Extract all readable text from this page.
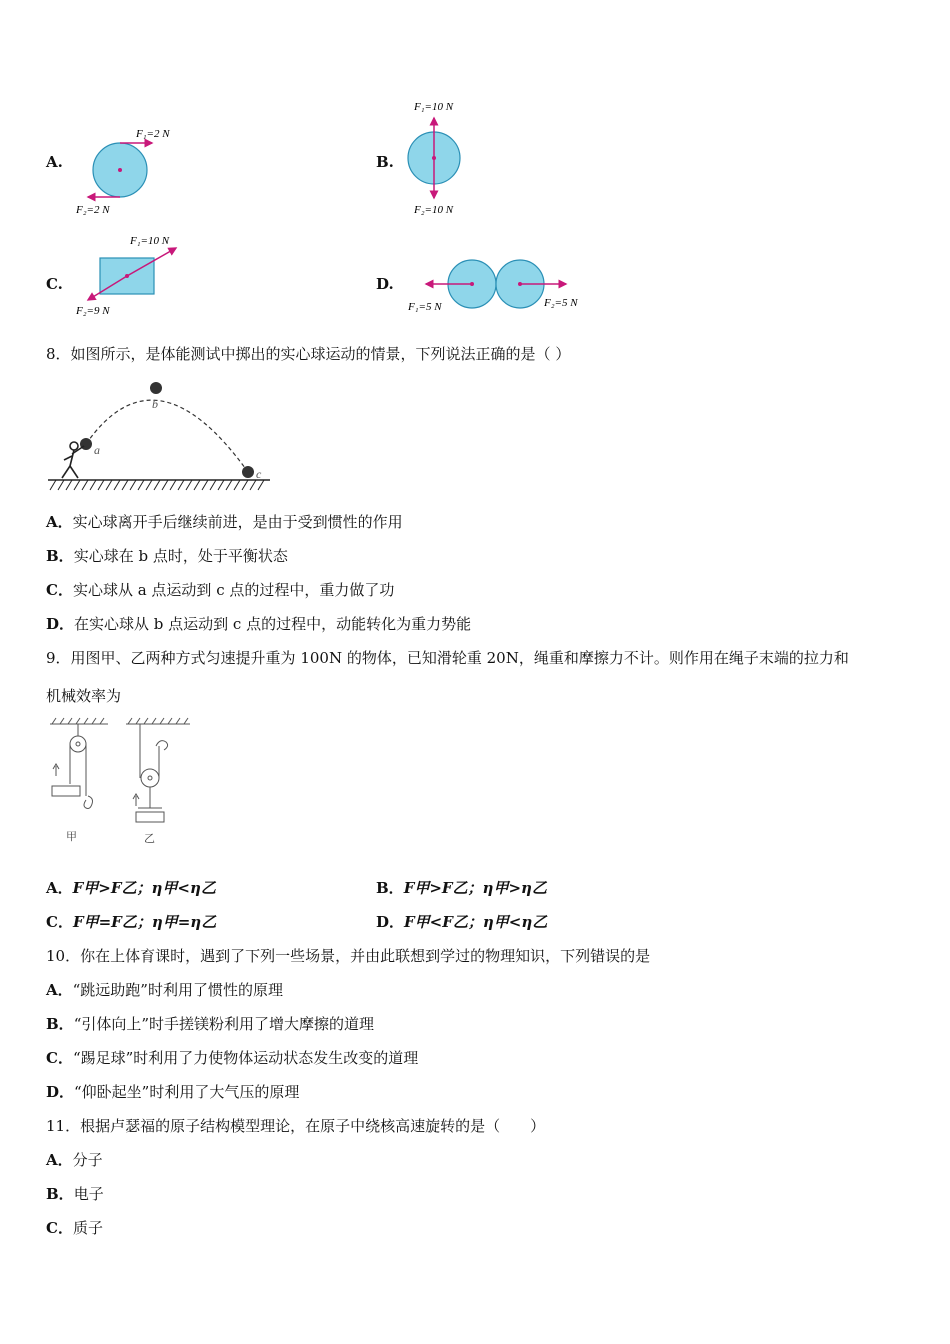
A.
F₁=2 N
F₂=2 N
B.
F₁=10 N
F₂=10 N
C.
F₁=10 N
F₂=9 N
D.
F₁=5 N	F₂=5 N
8．如图所示，是体能测试中掷出的实心球运动的情景，下列说法正确的是（ ）
a
b
c
A．实心球离开手后继续前进，是由于受到惯性的作用
B．实心球在 b 点时，处于平衡状态
C．实心球从 a 点运动到 c 点的过程中，重力做了功
D．在实心球从 b 点运动到 c 点的过程中，动能转化为重力势能
9．用图甲、乙两种方式匀速提升重为 100N 的物体，已知滑轮重 20N，绳重和摩擦力不计。则作用在绳子末端的拉力和
机械效率为
甲	乙
A．F甲>F乙；η甲<η乙	B．F甲>F乙；η甲>η乙
C．F甲=F乙；η甲=η乙	D．F甲<F乙；η甲<η乙
10．你在上体育课时，遇到了下列一些场景，并由此联想到学过的物理知识，下列错误的是
A．“跳远助跑”时利用了惯性的原理
B．“引体向上”时手搓镁粉利用了增大摩擦的道理
C．“踢足球”时利用了力使物体运动状态发生改变的道理
D．“仰卧起坐”时利用了大气压的原理
11．根据卢瑟福的原子结构模型理论，在原子中绕核高速旋转的是（　　）
A．分子
B．电子
C．质子
